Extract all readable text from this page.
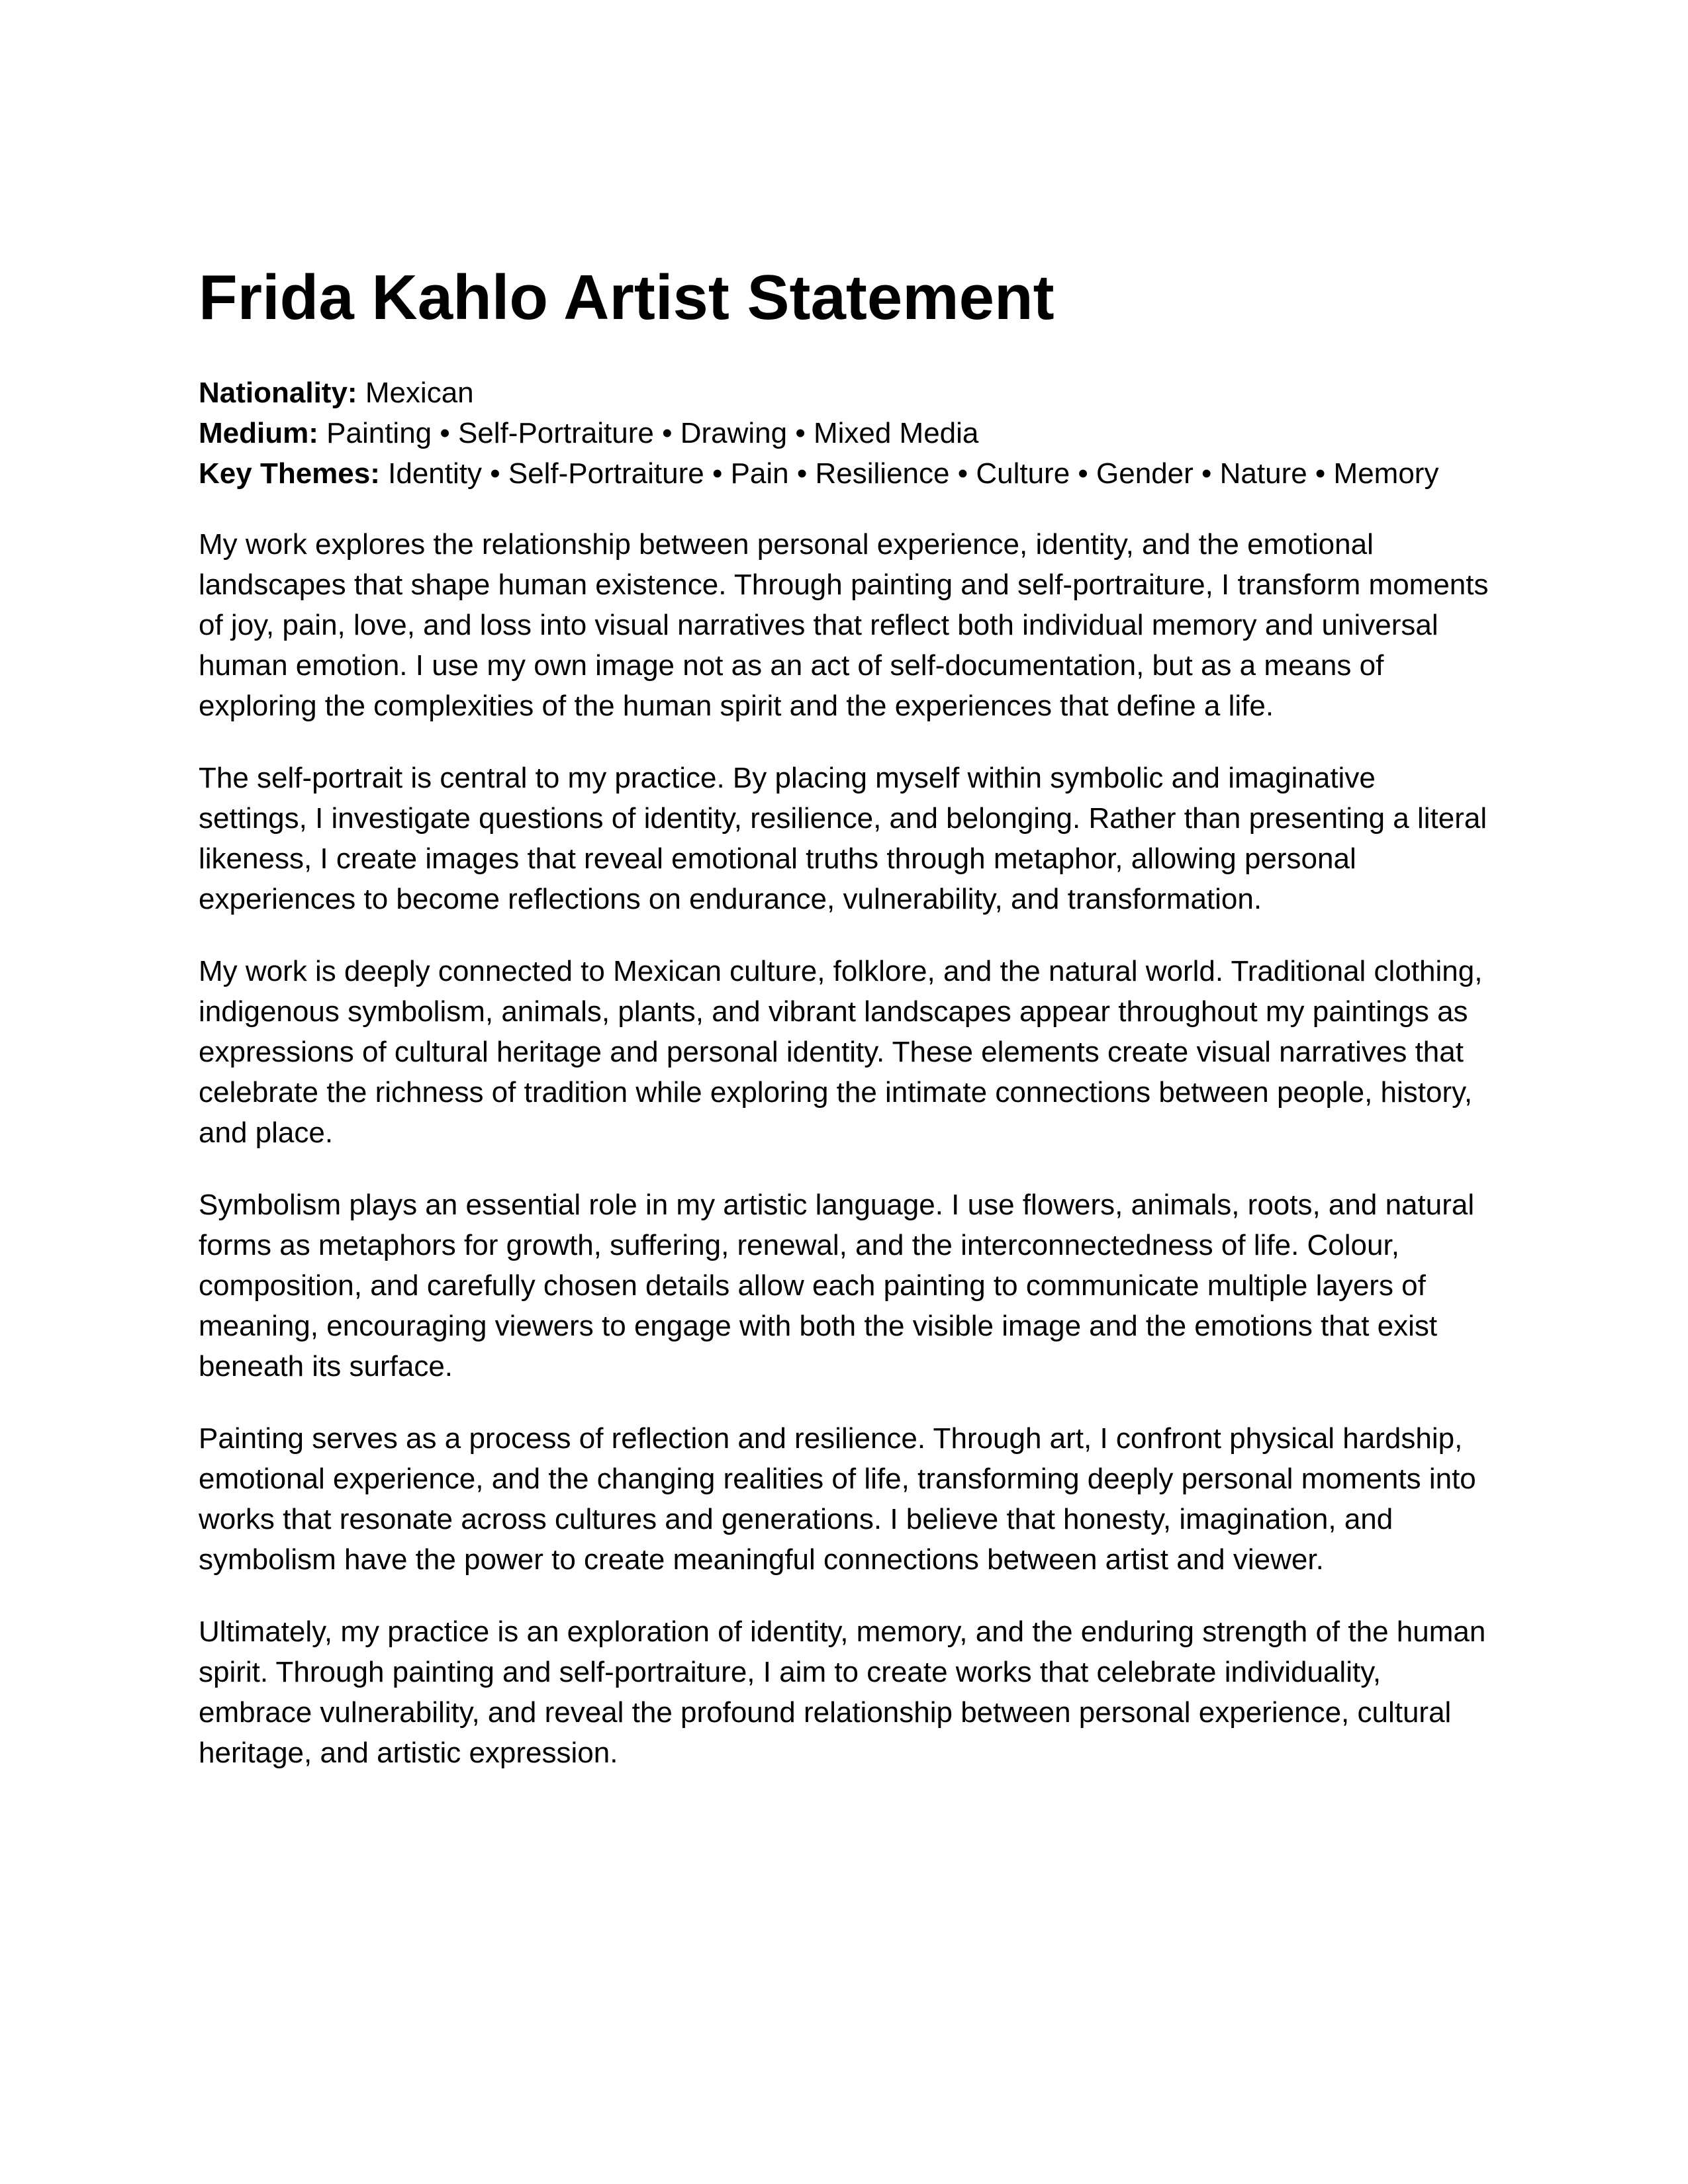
Frida Kahlo Artist Statement
Nationality: Mexican
Medium: Painting • Self-Portraiture • Drawing • Mixed Media
Key Themes: Identity • Self-Portraiture • Pain • Resilience • Culture • Gender • Nature • Memory

My work explores the relationship between personal experience, identity, and the emotional landscapes that shape human existence. Through painting and self-portraiture, I transform moments of joy, pain, love, and loss into visual narratives that reflect both individual memory and universal human emotion. I use my own image not as an act of self-documentation, but as a means of exploring the complexities of the human spirit and the experiences that define a life.

The self-portrait is central to my practice. By placing myself within symbolic and imaginative settings, I investigate questions of identity, resilience, and belonging. Rather than presenting a literal likeness, I create images that reveal emotional truths through metaphor, allowing personal experiences to become reflections on endurance, vulnerability, and transformation.

My work is deeply connected to Mexican culture, folklore, and the natural world. Traditional clothing, indigenous symbolism, animals, plants, and vibrant landscapes appear throughout my paintings as expressions of cultural heritage and personal identity. These elements create visual narratives that celebrate the richness of tradition while exploring the intimate connections between people, history, and place.

Symbolism plays an essential role in my artistic language. I use flowers, animals, roots, and natural forms as metaphors for growth, suffering, renewal, and the interconnectedness of life. Colour, composition, and carefully chosen details allow each painting to communicate multiple layers of meaning, encouraging viewers to engage with both the visible image and the emotions that exist beneath its surface.

Painting serves as a process of reflection and resilience. Through art, I confront physical hardship, emotional experience, and the changing realities of life, transforming deeply personal moments into works that resonate across cultures and generations. I believe that honesty, imagination, and symbolism have the power to create meaningful connections between artist and viewer.

Ultimately, my practice is an exploration of identity, memory, and the enduring strength of the human spirit. Through painting and self-portraiture, I aim to create works that celebrate individuality, embrace vulnerability, and reveal the profound relationship between personal experience, cultural heritage, and artistic expression.
